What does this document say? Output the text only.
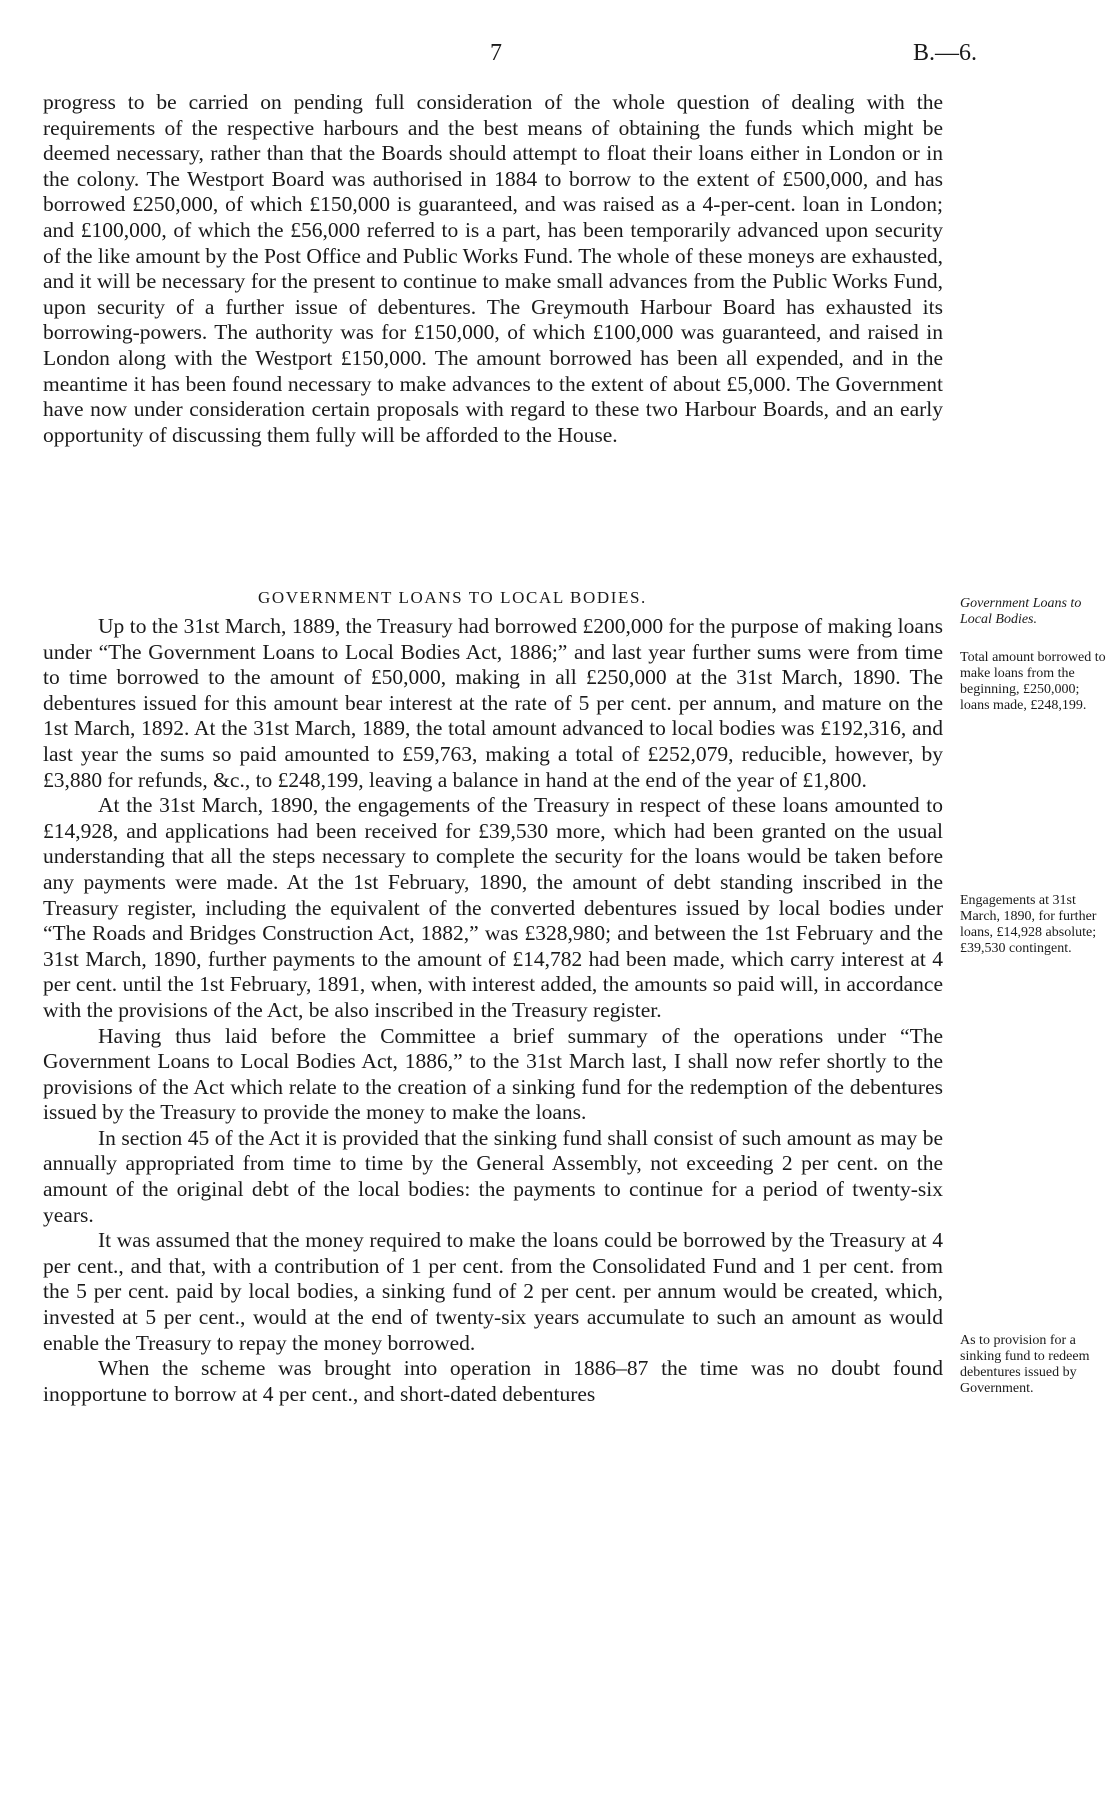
7	B.—6.

progress to be carried on pending full consideration of the whole question of dealing with the requirements of the respective harbours and the best means of obtaining the funds which might be deemed necessary, rather than that the Boards should attempt to float their loans either in London or in the colony. The Westport Board was authorised in 1884 to borrow to the extent of £500,000, and has borrowed £250,000, of which £150,000 is guaranteed, and was raised as a 4-per-cent. loan in London; and £100,000, of which the £56,000 referred to is a part, has been temporarily advanced upon security of the like amount by the Post Office and Public Works Fund. The whole of these moneys are exhausted, and it will be necessary for the present to continue to make small advances from the Public Works Fund, upon security of a further issue of debentures. The Greymouth Harbour Board has exhausted its borrowing-powers. The authority was for £150,000, of which £100,000 was guaranteed, and raised in London along with the Westport £150,000. The amount borrowed has been all expended, and in the meantime it has been found necessary to make advances to the extent of about £5,000. The Government have now under consideration certain proposals with regard to these two Harbour Boards, and an early opportunity of discussing them fully will be afforded to the House.

GOVERNMENT LOANS TO LOCAL BODIES.

Up to the 31st March, 1889, the Treasury had borrowed £200,000 for the purpose of making loans under “The Government Loans to Local Bodies Act, 1886;” and last year further sums were from time to time borrowed to the amount of £50,000, making in all £250,000 at the 31st March, 1890. The debentures issued for this amount bear interest at the rate of 5 per cent. per annum, and mature on the 1st March, 1892. At the 31st March, 1889, the total amount advanced to local bodies was £192,316, and last year the sums so paid amounted to £59,763, making a total of £252,079, reducible, however, by £3,880 for refunds, &c., to £248,199, leaving a balance in hand at the end of the year of £1,800.

At the 31st March, 1890, the engagements of the Treasury in respect of these loans amounted to £14,928, and applications had been received for £39,530 more, which had been granted on the usual understanding that all the steps necessary to complete the security for the loans would be taken before any payments were made. At the 1st February, 1890, the amount of debt standing inscribed in the Treasury register, including the equivalent of the converted debentures issued by local bodies under “The Roads and Bridges Construction Act, 1882,” was £328,980; and between the 1st February and the 31st March, 1890, further payments to the amount of £14,782 had been made, which carry interest at 4 per cent. until the 1st February, 1891, when, with interest added, the amounts so paid will, in accordance with the provisions of the Act, be also inscribed in the Treasury register.

Having thus laid before the Committee a brief summary of the operations under “The Government Loans to Local Bodies Act, 1886,” to the 31st March last, I shall now refer shortly to the provisions of the Act which relate to the creation of a sinking fund for the redemption of the debentures issued by the Treasury to provide the money to make the loans.

In section 45 of the Act it is provided that the sinking fund shall consist of such amount as may be annually appropriated from time to time by the General Assembly, not exceeding 2 per cent. on the amount of the original debt of the local bodies: the payments to continue for a period of twenty-six years.

It was assumed that the money required to make the loans could be borrowed by the Treasury at 4 per cent., and that, with a contribution of 1 per cent. from the Consolidated Fund and 1 per cent. from the 5 per cent. paid by local bodies, a sinking fund of 2 per cent. per annum would be created, which, invested at 5 per cent., would at the end of twenty-six years accumulate to such an amount as would enable the Treasury to repay the money borrowed.

When the scheme was brought into operation in 1886–87 the time was no doubt found inopportune to borrow at 4 per cent., and short-dated debentures

Government Loans to Local Bodies.
Total amount borrowed to make loans from the beginning, £250,000; loans made, £248,199.
Engagements at 31st March, 1890, for further loans, £14,928 absolute; £39,530 contingent.
As to provision for a sinking fund to redeem debentures issued by Government.
